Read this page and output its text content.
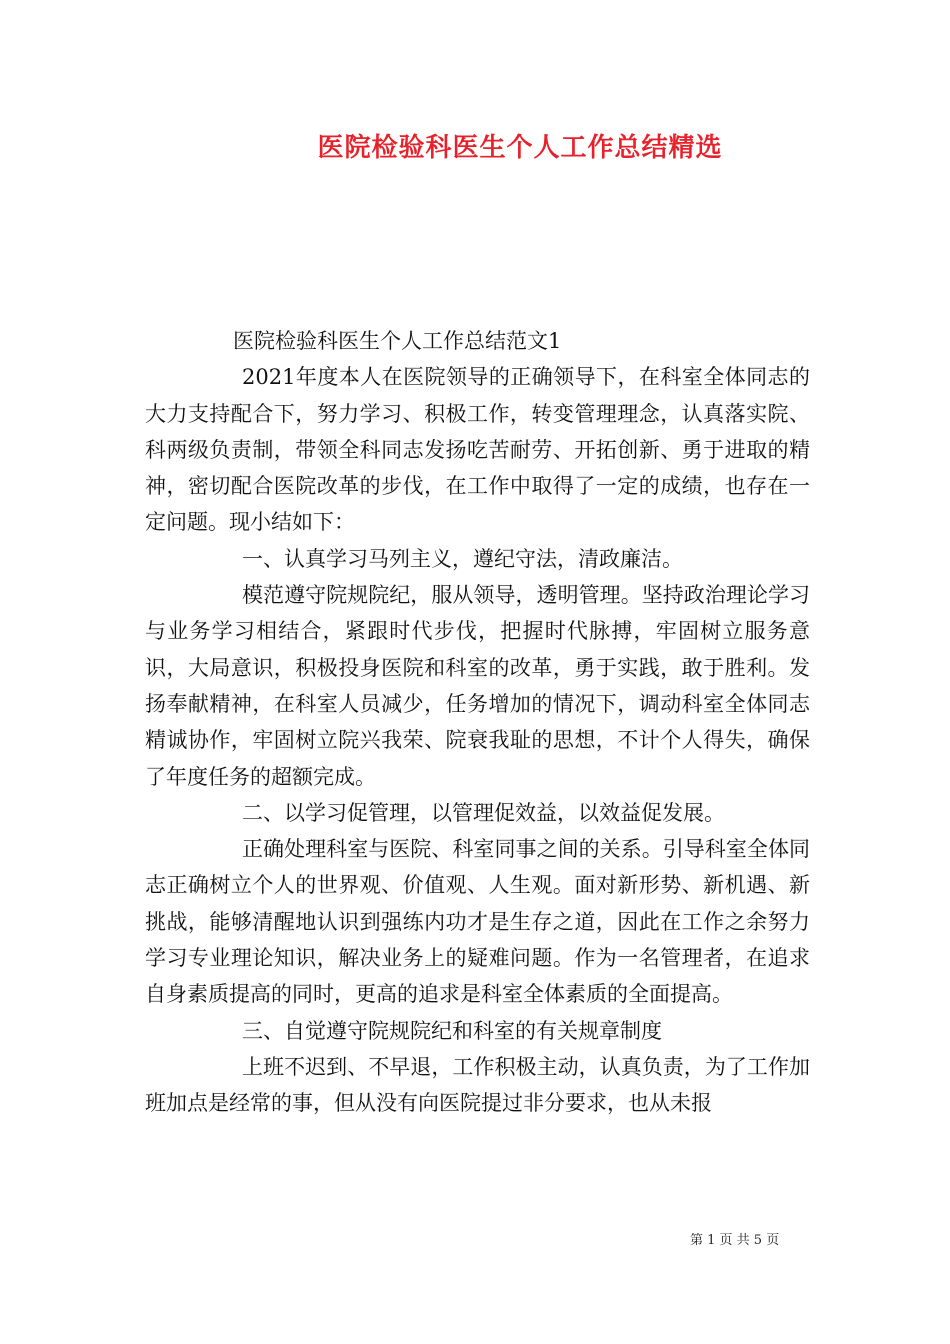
医院检验科医生个人工作总结精选

医院检验科医生个人工作总结范文1

2021年度本人在医院领导的正确领导下，在科室全体同志的大力支持配合下，努力学习、积极工作，转变管理理念，认真落实院、科两级负责制，带领全科同志发扬吃苦耐劳、开拓创新、勇于进取的精神，密切配合医院改革的步伐，在工作中取得了一定的成绩，也存在一定问题。现小结如下：

一、认真学习马列主义，遵纪守法，清政廉洁。

模范遵守院规院纪，服从领导，透明管理。坚持政治理论学习与业务学习相结合，紧跟时代步伐，把握时代脉搏，牢固树立服务意识，大局意识，积极投身医院和科室的改革，勇于实践，敢于胜利。发扬奉献精神，在科室人员减少，任务增加的情况下，调动科室全体同志精诚协作，牢固树立院兴我荣、院衰我耻的思想，不计个人得失，确保了年度任务的超额完成。

二、以学习促管理，以管理促效益，以效益促发展。

正确处理科室与医院、科室同事之间的关系。引导科室全体同志正确树立个人的世界观、价值观、人生观。面对新形势、新机遇、新挑战，能够清醒地认识到强练内功才是生存之道，因此在工作之余努力学习专业理论知识，解决业务上的疑难问题。作为一名管理者，在追求自身素质提高的同时，更高的追求是科室全体素质的全面提高。

三、自觉遵守院规院纪和科室的有关规章制度

上班不迟到、不早退，工作积极主动，认真负责，为了工作加班加点是经常的事，但从没有向医院提过非分要求，也从未报

第 1 页 共 5 页
